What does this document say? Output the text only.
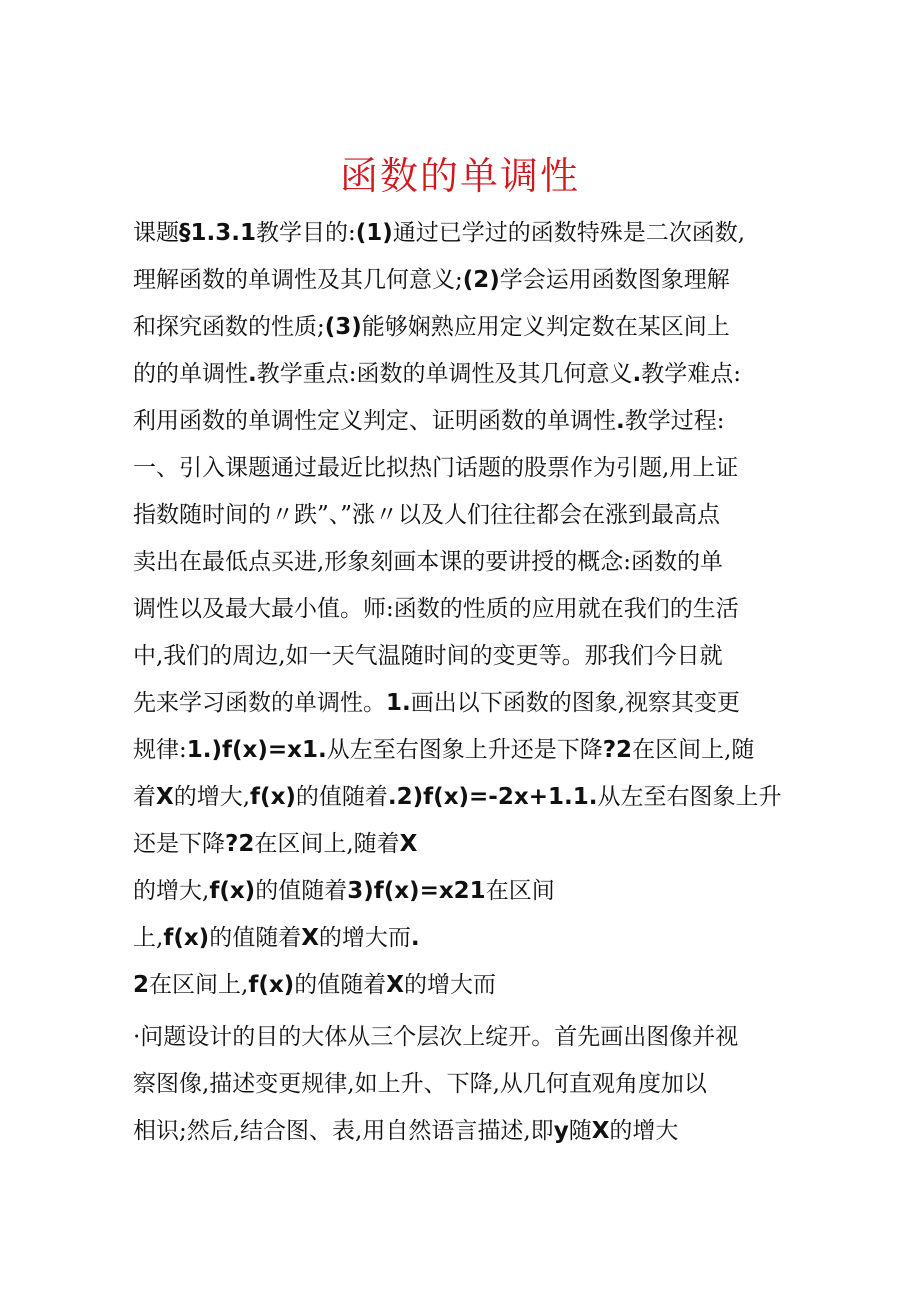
函数的单调性
课题§1.3.1教学目的:(1)通过已学过的函数特殊是二次函数,
理解函数的单调性及其几何意义;(2)学会运用函数图象理解
和探究函数的性质;(3)能够娴熟应用定义判定数在某区间上
的的单调性.教学重点:函数的单调性及其几何意义.教学难点:
利用函数的单调性定义判定、证明函数的单调性.教学过程:
一、引入课题通过最近比拟热门话题的股票作为引题,用上证
指数随时间的〃跌”、”涨〃以及人们往往都会在涨到最高点
卖出在最低点买进,形象刻画本课的要讲授的概念:函数的单
调性以及最大最小值。师:函数的性质的应用就在我们的生活
中,我们的周边,如一天气温随时间的变更等。那我们今日就
先来学习函数的单调性。1.画出以下函数的图象,视察其变更
规律:1.)f(x)=x1.从左至右图象上升还是下降?2在区间上,随
着X的增大,f(x)的值随着.2)f(x)=-2x+1.1.从左至右图象上升
还是下降?2在区间上,随着X
的增大,f(x)的值随着3)f(x)=x21在区间
上,f(x)的值随着X的增大而.
2在区间上,f(x)的值随着X的增大而
·问题设计的目的大体从三个层次上绽开。首先画出图像并视
察图像,描述变更规律,如上升、下降,从几何直观角度加以
相识;然后,结合图、表,用自然语言描述,即y随X的增大
